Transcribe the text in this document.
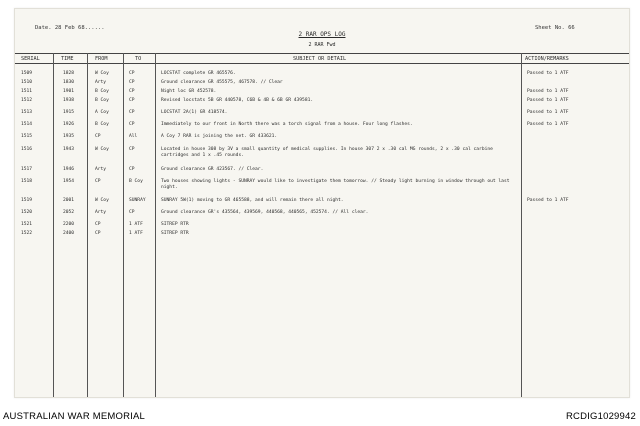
Date. 28 Feb 68......
2 RAR OPS LOG
2 RAR Fwd
Sheet No. 66
SERIAL	TIME	FROM	TO	SUBJECT OR DETAIL	ACTION/REMARKS
1509	1828	W Coy	CP	LOCSTAT complete GR 465576.	Passed to 1 ATF
1510	1830	Arty	CP	Ground clearance GR 455575, 467578. // Clear
1511	1901	B Coy	CP	Night loc GR 452578.	Passed to 1 ATF
1512	1938	B Coy	CP	Revised locstats 5B GR 440578, C6B & 4B & 6B GR 439581.	Passed to 1 ATF
1513	1915	A Coy	CP	LOCSTAT 2A(1) GR 418574.	Passed to 1 ATF
1514	1926	B Coy	CP	Immediately to our front in North there was a torch signal from a house. Four long flashes.	Passed to 1 ATF
1515	1935	CP	All	A Coy 7 RAR is joining the net. GR 433621.
1516	1943	W Coy	CP	Located in house 308 by 3V a small quantity of medical supplies. In house 307 2 x .30 cal MG rounds, 2 x .30 cal carbine cartridges and 1 x .45 rounds.
1517	1946	Arty	CP	Ground clearance GR 423567. // Clear.
1518	1954	CP	B Coy	Two houses showing lights - SUNRAY would like to investigate them tomorrow. // Steady light burning in window through out last night.
1519	2001	W Coy	SUNRAY	SUNRAY 5W(1) moving to GR 465588, and will remain there all night.	Passed to 1 ATF
1520	2052	Arty	CP	Ground clearance GR's 435564, 439569, 440568, 440565, 452574. // All clear.
1521	2200	CP	1 ATF	SITREP RTR
1522	2400	CP	1 ATF	SITREP RTR
AUSTRALIAN WAR MEMORIAL	RCDIG1029942
